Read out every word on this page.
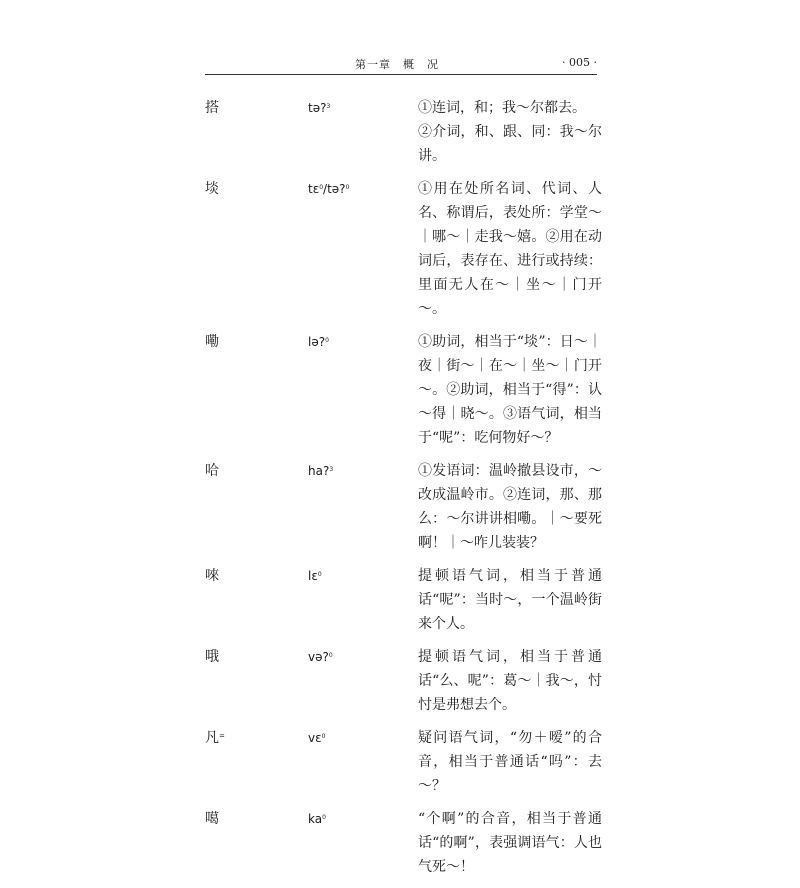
第一章　概　况	· 005 ·
搭	tə?$^3$	①连词，和；我～尔都去。

②介词，和、跟、同：我～尔讲。

埮	tɛ$^0$/tə?$^0$	①用在处所名词、代词、人名、称谓后，表处所：学堂～｜哪～｜走我～嬉。②用在动词后，表存在、进行或持续：里面无人在～｜坐～｜门开～。

嘞	lə?$^0$	①助词，相当于“埮”：日～｜夜｜街～｜在～｜坐～｜门开～。②助词，相当于“得”：认～得｜晓～。③语气词，相当于“呢”：吃何物好～？

哈	ha?$^3$	①发语词：温岭撤县设市，～改成温岭市。②连词，那、那么：～尔讲讲相嘞。｜～要死啊！｜～咋儿装装？

唻	lɛ$^0$	提顿语气词，相当于普通话“呢”：当时～，一个温岭街来个人。

哦	və?$^0$	提顿语气词，相当于普通话“么、呢”：葛～｜我～，忖忖是弗想去个。

凡=	vɛ$^0$	疑问语气词，“勿＋嗳”的合音，相当于普通话“吗”：去～？

噶	$ka^0$	“个啊”的合音，相当于普通话“的啊”，表强调语气：人也气死～！
